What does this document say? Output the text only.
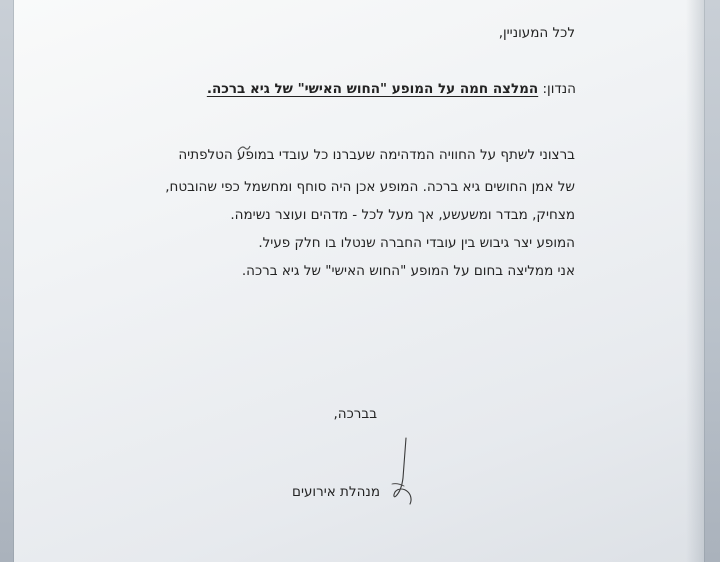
לכל המעוניין,
הנדון: המלצה חמה על המופע "החוש האישי" של גיא ברכה.
ברצוני לשתף על החוויה המדהימה שעברנו כל עובדי במופע הטלפתיה
של אמן החושים גיא ברכה. המופע אכן היה סוחף ומחשמל כפי שהובטח,
מצחיק, מבדר ומשעשע, אך מעל לכל - מדהים ועוצר נשימה.
המופע יצר גיבוש בין עובדי החברה שנטלו בו חלק פעיל.
אני ממליצה בחום על המופע "החוש האישי" של גיא ברכה.
בברכה,
מנהלת אירועים
